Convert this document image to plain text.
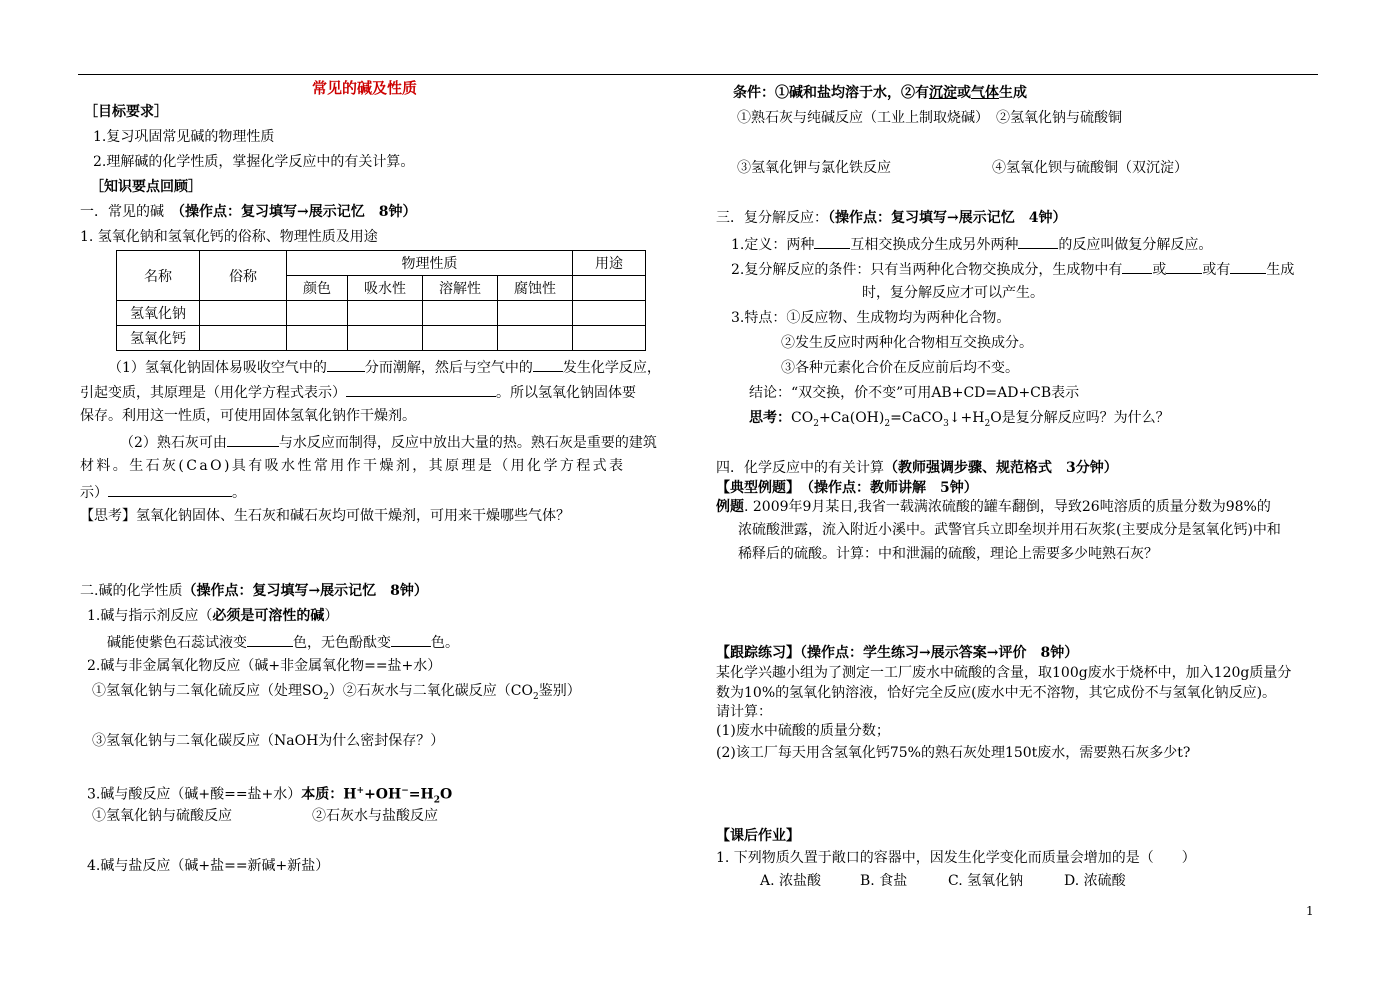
常见的碱及性质
［目标要求］
1.复习巩固常见碱的物理性质
2.理解碱的化学性质，掌握化学反应中的有关计算。
［知识要点回顾］
一．常见的碱　（操作点：复习填写→展示记忆　8钟）
1. 氢氧化钠和氢氧化钙的俗称、物理性质及用途
名称	俗称	物理性质				用途
		颜色	吸水性	溶解性	腐蚀性	
氢氧化钠						
氢氧化钙						
（1）氢氧化钠固体易吸收空气中的	分而潮解，然后与空气中的 发生化学反应，
引起变质，其原理是（用化学方程式表示）	。所以氢氧化钠固体要
保存。利用这一性质，可使用固体氢氧化钠作干燥剂。
（2）熟石灰可由	与水反应而制得，反应中放出大量的热。熟石灰是重要的建筑
材料。生石灰(CaO)具有吸水性常用作干燥剂，其原理是（用化学方程式表
示）	。
【思考】氢氧化钠固体、生石灰和碱石灰均可做干燥剂，可用来干燥哪些气体？
二.碱的化学性质（操作点：复习填写→展示记忆　8钟）
1.碱与指示剂反应（必须是可溶性的碱）
碱能使紫色石蕊试液变	色，无色酚酞变	色。
2.碱与非金属氧化物反应（碱+非金属氧化物==盐+水）
①氢氧化钠与二氧化硫反应（处理$SO_2)②$石灰水与二氧化碳反应（$CO_2$鉴别）
③氢氧化钠与二氧化碳反应（NaOH为什么密封保存？）
3.碱与酸反应（碱+酸==盐+水）本质：$H^++OH^-=H_2O$
①氢氧化钠与硫酸反应	②石灰水与盐酸反应
4.碱与盐反应（碱+盐==新碱+新盐）
条件：①碱和盐均溶于水，②有沉淀或气体生成
①熟石灰与纯碱反应（工业上制取烧碱）　②氢氧化钠与硫酸铜
③氢氧化钾与氯化铁反应	④氢氧化钡与硫酸铜（双沉淀）
三．复分解反应：（操作点：复习填写→展示记忆　4钟）
1.定义：两种	互相交换成分生成另外两种	的反应叫做复分解反应。
2.复分解反应的条件：只有当两种化合物交换成分，生成物中有 或	或有	生成
时，复分解反应才可以产生。
3.特点：①反应物、生成物均为两种化合物。
②发生反应时两种化合物相互交换成分。
③各种元素化合价在反应前后均不变。
结论：“双交换，价不变”可用AB+CD=AD+CB表示
思考：$CO_2+Ca(OH)_2=CaCO_3↓+H_2O$是复分解反应吗？为什么？
四．化学反应中的有关计算（教师强调步骤、规范格式　3分钟）
【典型例题】　 （操作点：教师讲解　5钟）
例题. 2009年9月某日,我省一载满浓硫酸的罐车翻倒，导致26吨溶质的质量分数为98%的
浓硫酸泄露，流入附近小溪中。武警官兵立即垒坝并用石灰浆(主要成分是氢氧化钙)中和
稀释后的硫酸。计算：中和泄漏的硫酸，理论上需要多少吨熟石灰？
【跟踪练习】（操作点：学生练习→展示答案→评价　8钟）
某化学兴趣小组为了测定一工厂废水中硫酸的含量，取100g废水于烧杯中，加入120g质量分
数为10%的氢氧化钠溶液，恰好完全反应(废水中无不溶物，其它成份不与氢氧化钠反应)。
请计算：
(1)废水中硫酸的质量分数；
(2)该工厂每天用含氢氧化钙75%的熟石灰处理150t废水，需要熟石灰多少t?
【课后作业】
1. 下列物质久置于敞口的容器中，因发生化学变化而质量会增加的是（　　）
A. 浓盐酸	B. 食盐	C. 氢氧化钠	D. 浓硫酸
1
